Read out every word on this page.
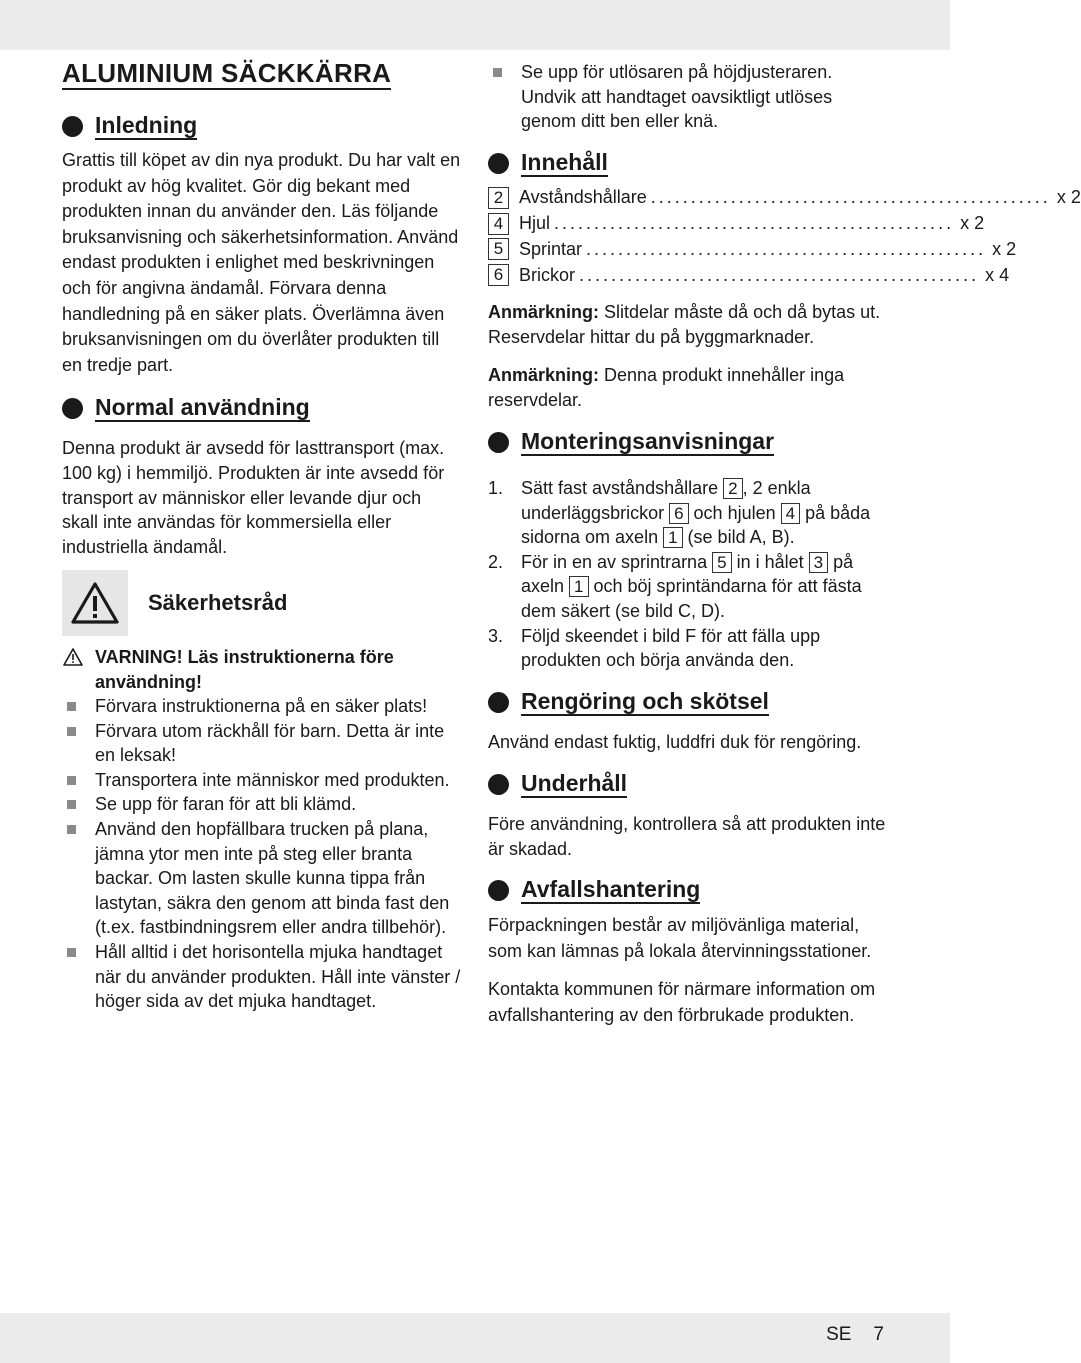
ALUMINIUM SÄCKKÄRRA
Inledning

Grattis till köpet av din nya produkt. Du har valt en produkt av hög kvalitet. Gör dig bekant med produkten innan du använder den. Läs följande bruksanvisning och säkerhetsinformation. Använd endast produkten i enlighet med beskrivningen och för angivna ändamål. Förvara denna handledning på en säker plats. Överlämna även bruksanvisningen om du överlåter produkten till en tredje part.

Normal användning

Denna produkt är avsedd för lasttransport (max. 100 kg) i hemmiljö. Produkten är inte avsedd för transport av människor eller levande djur och skall inte användas för kommersiella eller industriella ändamål.

Säkerhetsråd
VARNING! Läs instruktionerna före användning!
Förvara instruktionerna på en säker plats!
Förvara utom räckhåll för barn. Detta är inte en leksak!
Transportera inte människor med produkten.
Se upp för faran för att bli klämd.
Använd den hopfällbara trucken på plana, jämna ytor men inte på steg eller branta backar. Om lasten skulle kunna tippa från lastytan, säkra den genom att binda fast den (t.ex. fastbindningsrem eller andra tillbehör).
Håll alltid i det horisontella mjuka handtaget när du använder produkten. Håll inte vänster / höger sida av det mjuka handtaget.
Se upp för utlösaren på höjdjusteraren. Undvik att handtaget oavsiktligt utlöses genom ditt ben eller knä.
Innehåll
2 Avståndshållare .................................................. x 2
4 Hjul .................................................. x 2
5 Sprintar .................................................. x 2
6 Brickor .................................................. x 4

Anmärkning: Slitdelar måste då och då bytas ut. Reservdelar hittar du på byggmarknader.

Anmärkning: Denna produkt innehåller inga reservdelar.

Monteringsanvisningar
1. Sätt fast avståndshållare 2 , 2 enkla underläggsbrickor 6 och hjulen 4 på båda sidorna om axeln 1 (se bild A, B).
2. För in en av sprintrarna 5 in i hålet 3 på axeln 1 och böj sprintändarna för att fästa dem säkert (se bild C, D).
3. Följd skeendet i bild F för att fälla upp produkten och börja använda den.
Rengöring och skötsel

Använd endast fuktig, luddfri duk för rengöring.

Underhåll

Före användning, kontrollera så att produkten inte är skadad.

Avfallshantering

Förpackningen består av miljövänliga material, som kan lämnas på lokala återvinningsstationer.

Kontakta kommunen för närmare information om avfallshantering av den förbrukade produkten.

SE 7
